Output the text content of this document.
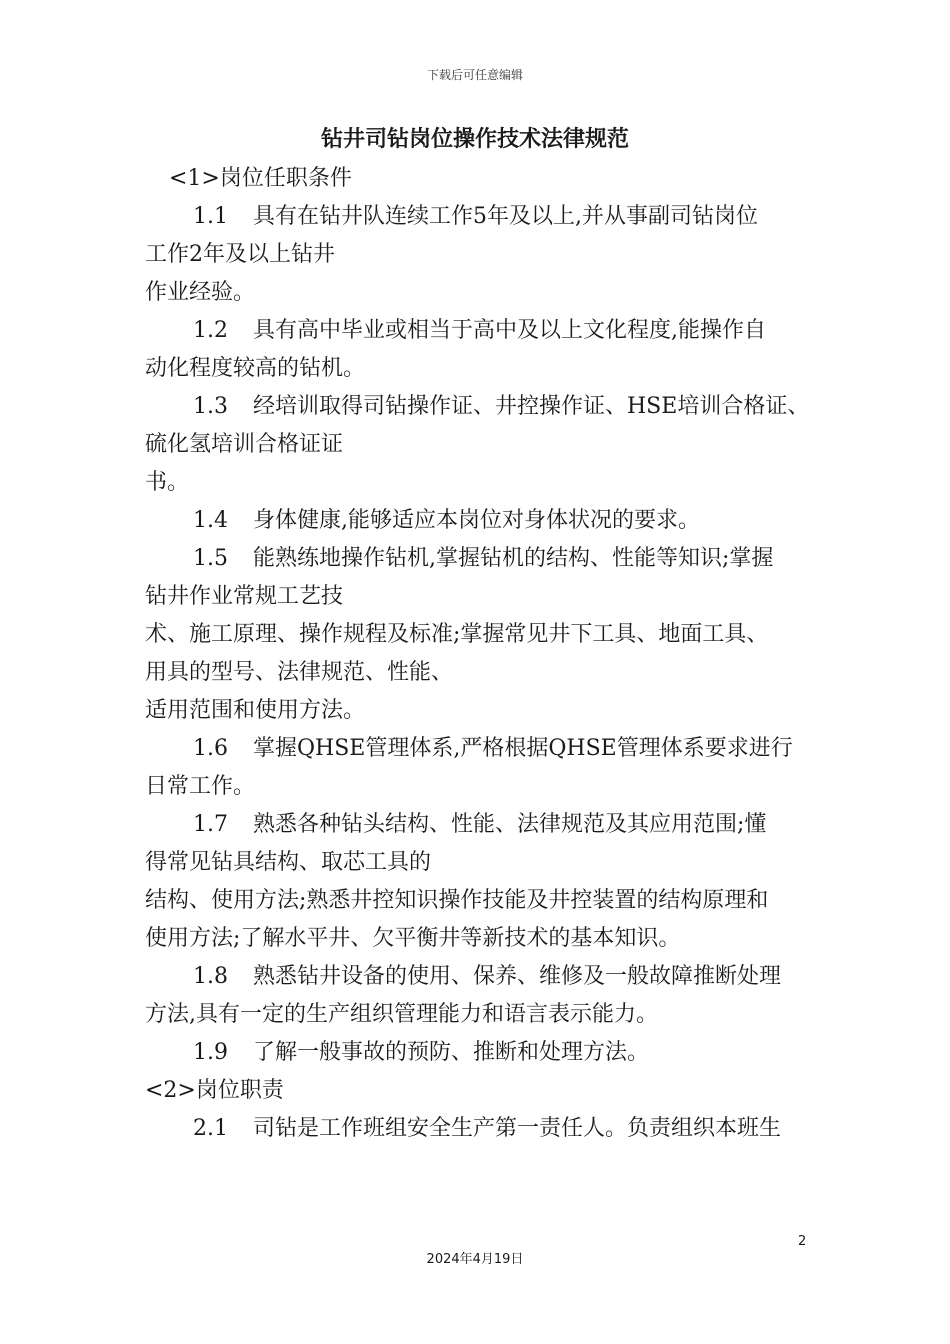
下载后可任意编辑
钻井司钻岗位操作技术法律规范
<1>岗位任职条件
1.1 具有在钻井队连续工作5年及以上,并从事副司钻岗位
工作2年及以上钻井
作业经验。
1.2 具有高中毕业或相当于高中及以上文化程度,能操作自
动化程度较高的钻机。
1.3 经培训取得司钻操作证、井控操作证、HSE培训合格证、
硫化氢培训合格证证
书。
1.4 身体健康,能够适应本岗位对身体状况的要求。
1.5 能熟练地操作钻机,掌握钻机的结构、性能等知识;掌握
钻井作业常规工艺技
术、施工原理、操作规程及标准;掌握常见井下工具、地面工具、
用具的型号、法律规范、性能、
适用范围和使用方法。
1.6 掌握QHSE管理体系,严格根据QHSE管理体系要求进行
日常工作。
1.7 熟悉各种钻头结构、性能、法律规范及其应用范围;懂
得常见钻具结构、取芯工具的
结构、使用方法;熟悉井控知识操作技能及井控装置的结构原理和
使用方法;了解水平井、欠平衡井等新技术的基本知识。
1.8 熟悉钻井设备的使用、保养、维修及一般故障推断处理
方法,具有一定的生产组织管理能力和语言表示能力。
1.9 了解一般事故的预防、推断和处理方法。
<2>岗位职责
2.1 司钻是工作班组安全生产第一责任人。负责组织本班生
2
2024年4月19日
